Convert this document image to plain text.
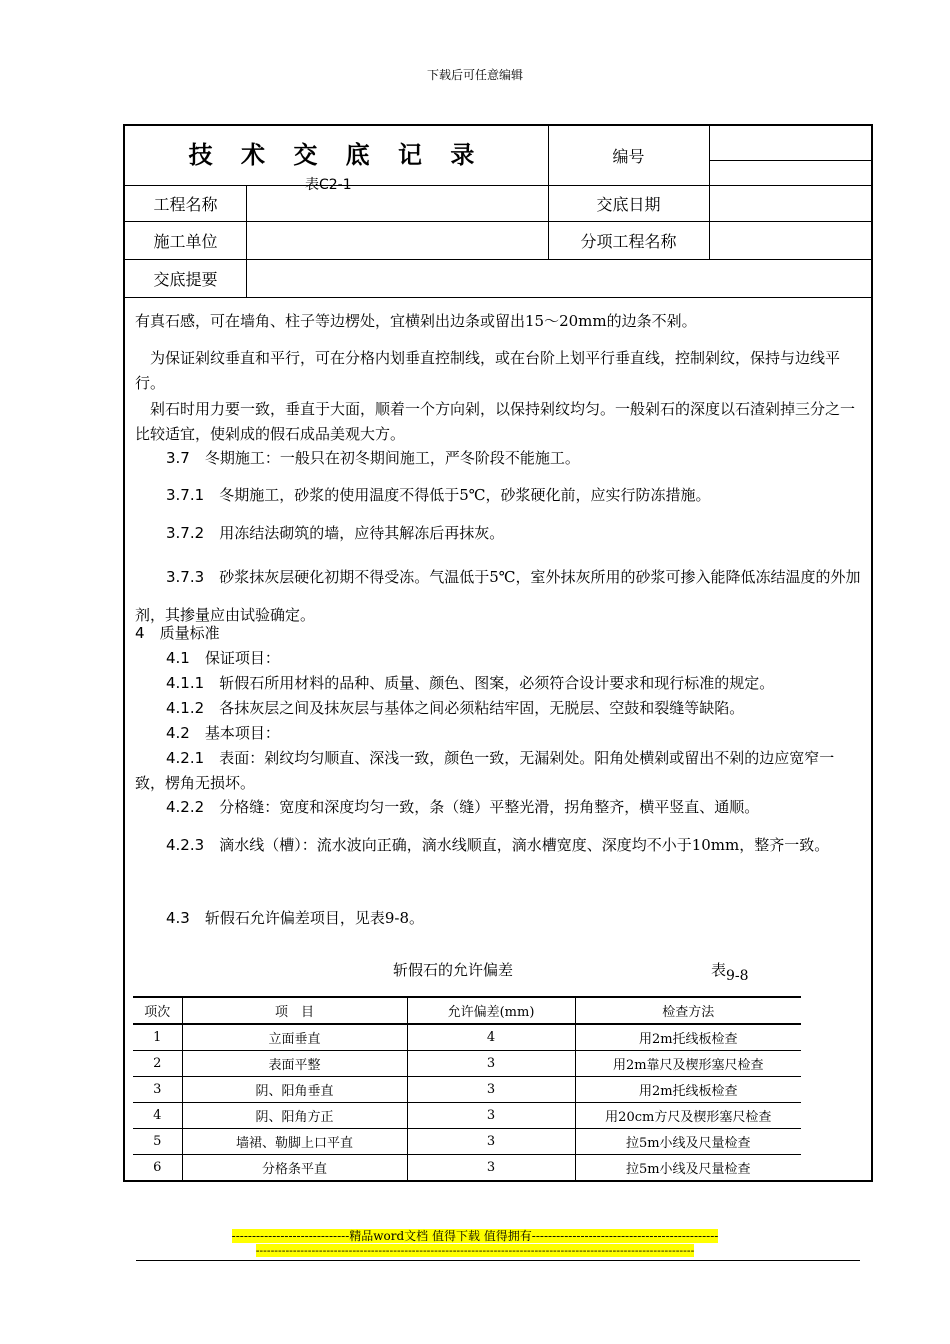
下载后可任意编辑
技 术 交 底 记 录
表C2-1
编号
工程名称	交底日期
施工单位	分项工程名称
交底提要

有真石感，可在墙角、柱子等边楞处，宜横剁出边条或留出15～20mm的边条不剁。

为保证剁纹垂直和平行，可在分格内划垂直控制线，或在台阶上划平行垂直线，控制剁纹，保持与边线平行。

剁石时用力要一致，垂直于大面，顺着一个方向剁，以保持剁纹均匀。一般剁石的深度以石渣剁掉三分之一比较适宜，使剁成的假石成品美观大方。

3.7　 冬期施工：一般只在初冬期间施工，严冬阶段不能施工。

3.7.1　 冬期施工，砂浆的使用温度不得低于5℃，砂浆硬化前，应实行防冻措施。

3.7.2　 用冻结法砌筑的墙，应待其解冻后再抹灰。

3.7.3　 砂浆抹灰层硬化初期不得受冻。气温低于5℃，室外抹灰所用的砂浆可掺入能降低冻结温度的外加剂，其掺量应由试验确定。

4　 质量标准

4.1　 保证项目：

4.1.1　 斩假石所用材料的品种、质量、颜色、图案，必须符合设计要求和现行标准的规定。

4.1.2　 各抹灰层之间及抹灰层与基体之间必须粘结牢固，无脱层、空鼓和裂缝等缺陷。

4.2　 基本项目：

4.2.1　 表面：剁纹均匀顺直、深浅一致，颜色一致，无漏剁处。阳角处横剁或留出不剁的边应宽窄一致，楞角无损坏。

4.2.2　 分格缝：宽度和深度均匀一致，条（缝）平整光滑，拐角整齐，横平竖直、通顺。

4.2.3　 滴水线（槽）：流水波向正确，滴水线顺直，滴水槽宽度、深度均不小于10mm，整齐一致。

4.3　 斩假石允许偏差项目，见表9-8。

斩假石的允许偏差	表9-8
项次	项　目	允许偏差(mm)	检查方法
1	立面垂直	4	用2m托线板检查
2	表面平整	3	用2m靠尺及楔形塞尺检查
3	阴、阳角垂直	3	用2m托线板检查
4	阴、阳角方正	3	用20cm方尺及楔形塞尺检查
5	墙裙、勒脚上口平直	3	拉5m小线及尺量检查
6	分格条平直	3	拉5m小线及尺量检查
-----------------------------精品word文档 值得下载 值得拥有----------------------------------------------
----------------------------------------------------------------------------------------------------------------------
